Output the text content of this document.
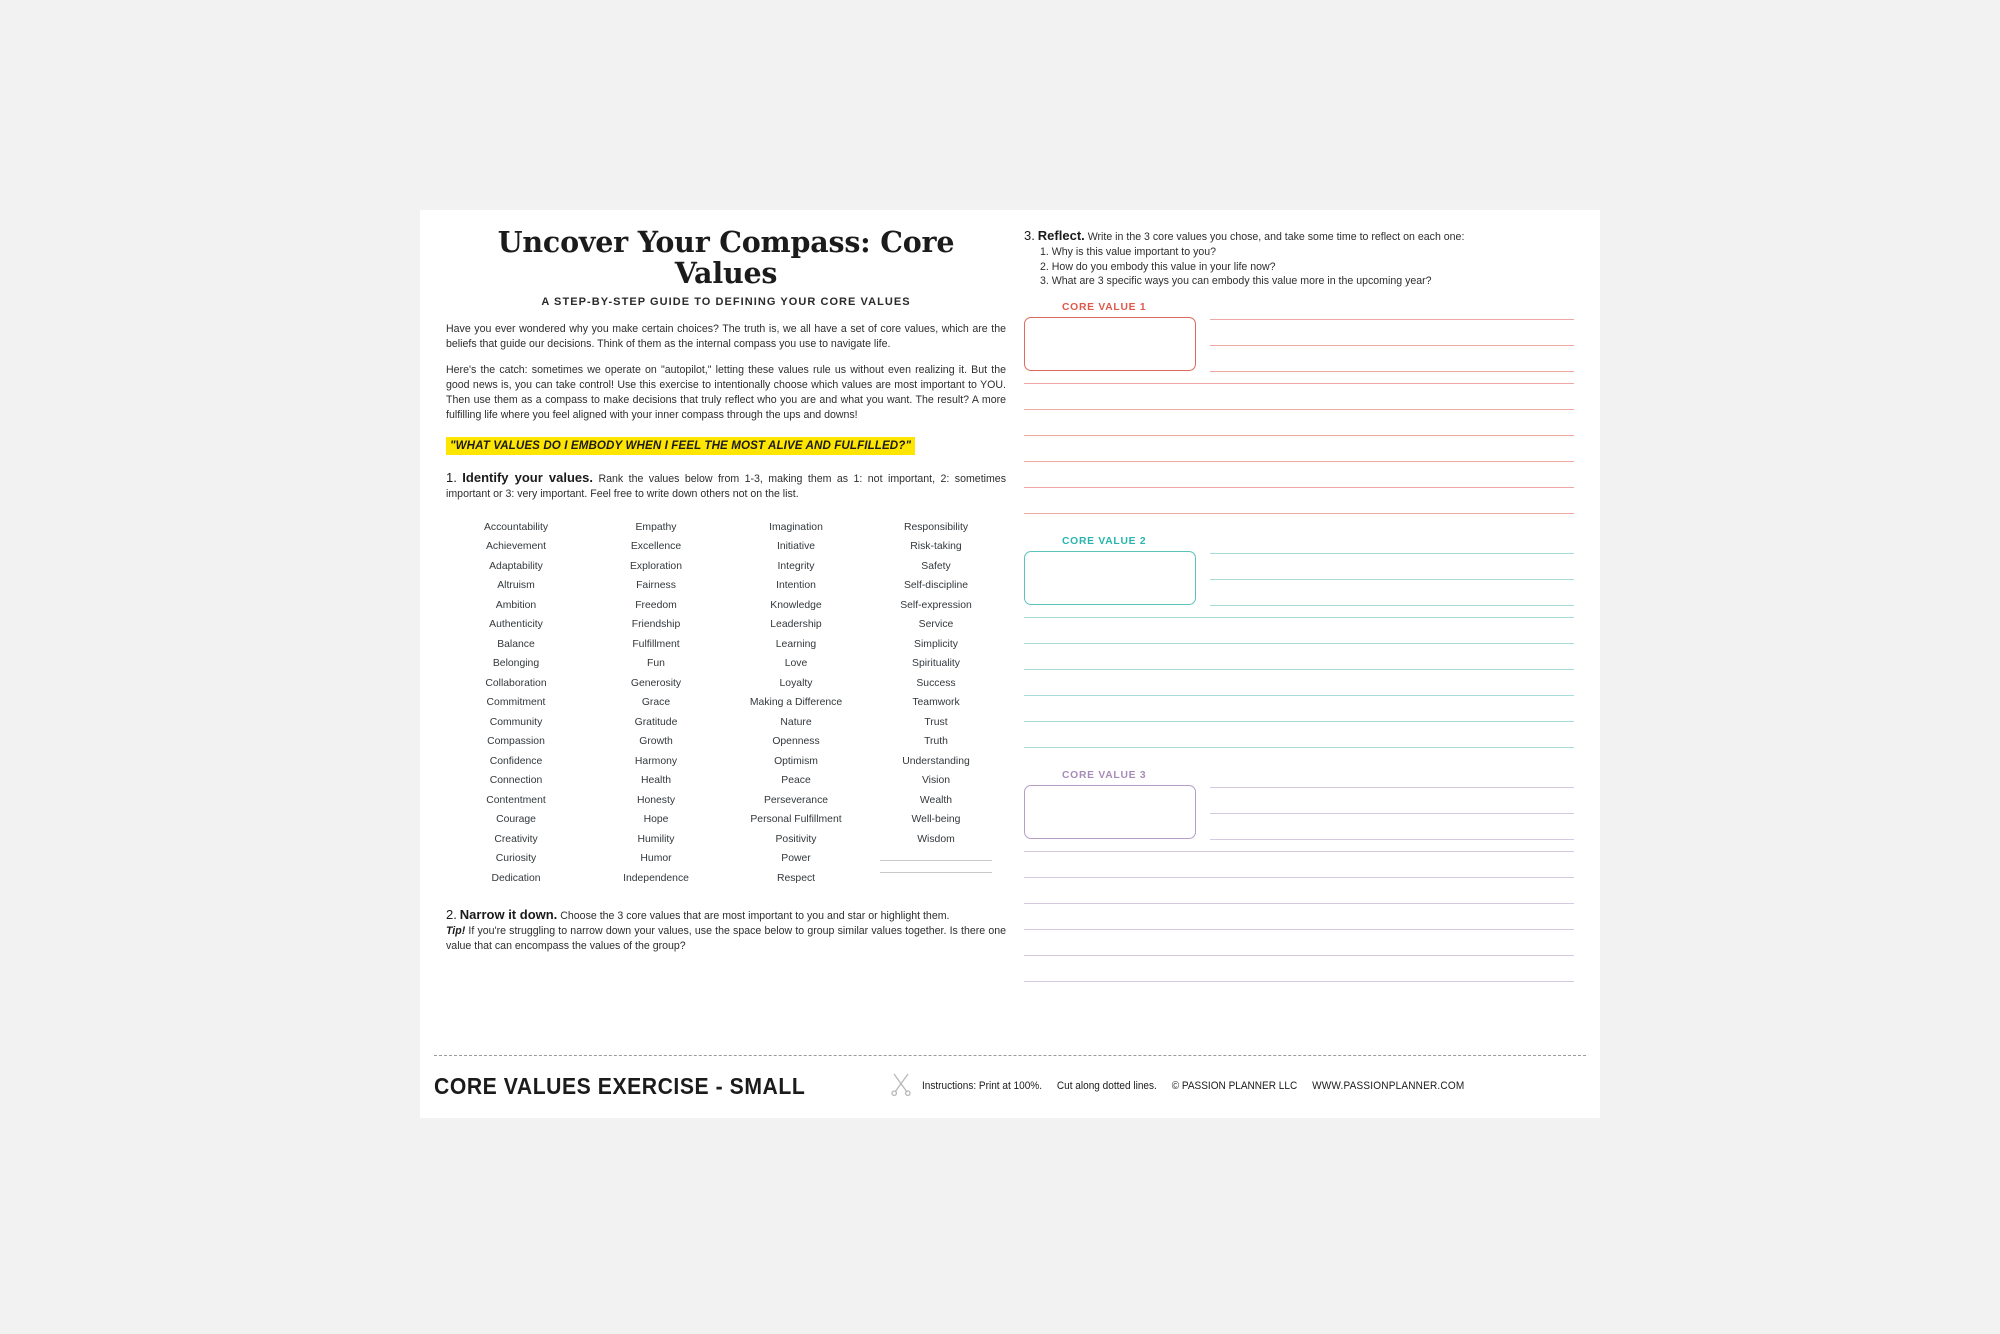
Uncover Your Compass: Core Values
A STEP-BY-STEP GUIDE TO DEFINING YOUR CORE VALUES

Have you ever wondered why you make certain choices? The truth is, we all have a set of core values, which are the beliefs that guide our decisions. Think of them as the internal compass you use to navigate life.

Here's the catch: sometimes we operate on "autopilot," letting these values rule us without even realizing it. But the good news is, you can take control! Use this exercise to intentionally choose which values are most important to YOU. Then use them as a compass to make decisions that truly reflect who you are and what you want. The result? A more fulfilling life where you feel aligned with your inner compass through the ups and downs!

"WHAT VALUES DO I EMBODY WHEN I FEEL THE MOST ALIVE AND FULFILLED?"
1. Identify your values. Rank the values below from 1-3, making them as 1: not important, 2: sometimes important or 3: very important. Feel free to write down others not on the list.
Accountability
Achievement
Adaptability
Altruism
Ambition
Authenticity
Balance
Belonging
Collaboration
Commitment
Community
Compassion
Confidence
Connection
Contentment
Courage
Creativity
Curiosity
Dedication
Empathy
Excellence
Exploration
Fairness
Freedom
Friendship
Fulfillment
Fun
Generosity
Grace
Gratitude
Growth
Harmony
Health
Honesty
Hope
Humility
Humor
Independence
Imagination
Initiative
Integrity
Intention
Knowledge
Leadership
Learning
Love
Loyalty
Making a Difference
Nature
Openness
Optimism
Peace
Perseverance
Personal Fulfillment
Positivity
Power
Respect
Responsibility
Risk-taking
Safety
Self-discipline
Self-expression
Service
Simplicity
Spirituality
Success
Teamwork
Trust
Truth
Understanding
Vision
Wealth
Well-being
Wisdom
2. Narrow it down. Choose the 3 core values that are most important to you and star or highlight them.
Tip! If you're struggling to narrow down your values, use the space below to group similar values together. Is there one value that can encompass the values of the group?
3. Reflect. Write in the 3 core values you chose, and take some time to reflect on each one:
1. Why is this value important to you?
2. How do you embody this value in your life now?
3. What are 3 specific ways you can embody this value more in the upcoming year?
CORE VALUE 1
CORE VALUE 2
CORE VALUE 3
CORE VALUES EXERCISE - SMALL	Instructions: Print at 100%. Cut along dotted lines. © PASSION PLANNER LLC WWW.PASSIONPLANNER.COM
